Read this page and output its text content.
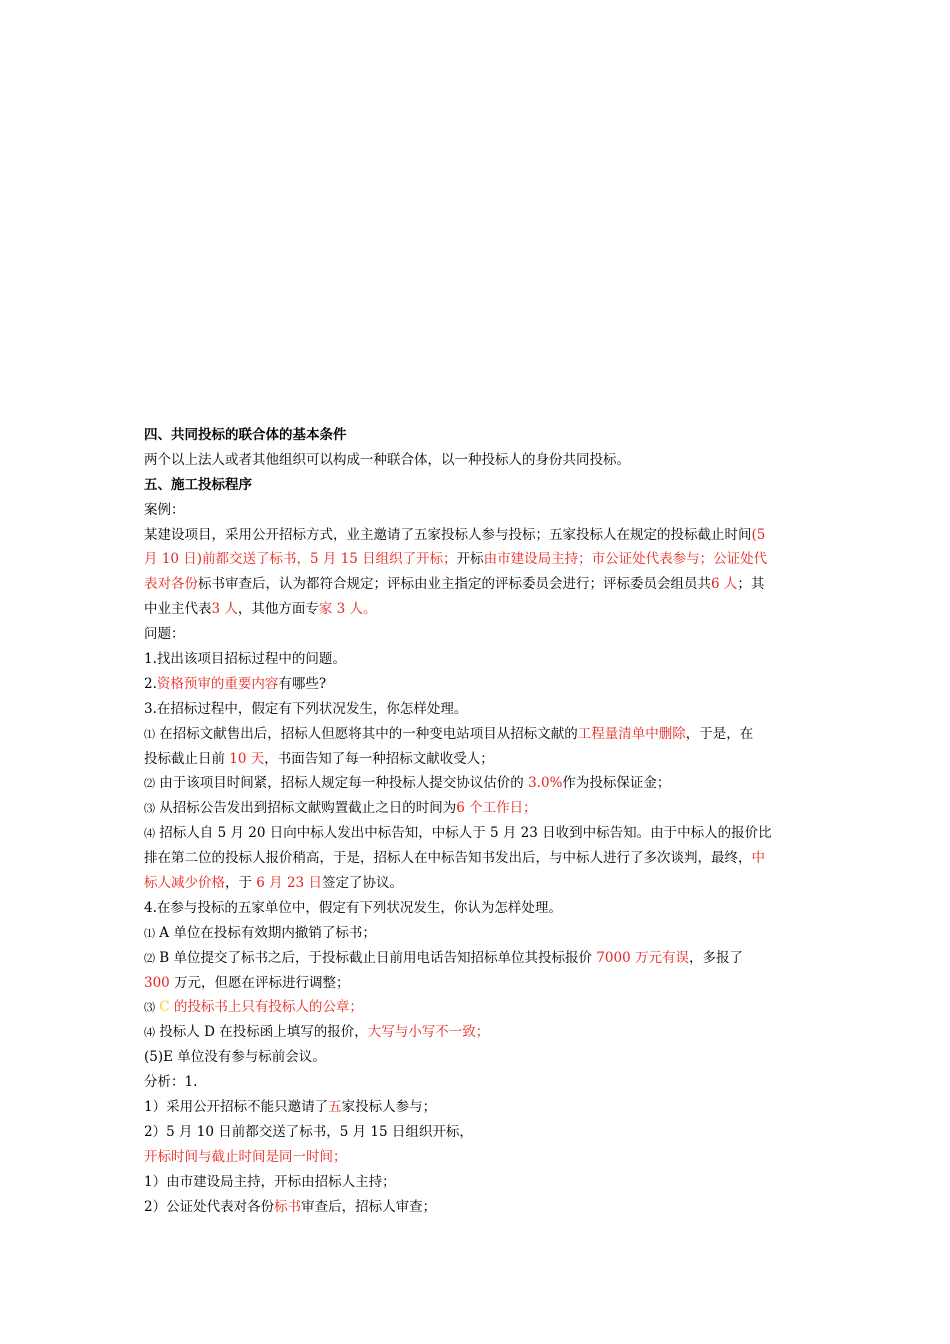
四、共同投标的联合体的基本条件
两个以上法人或者其他组织可以构成一种联合体，以一种投标人的身份共同投标。
五、施工投标程序
案例：
某建设项目，采用公开招标方式，业主邀请了五家投标人参与投标；五家投标人在规定的投标截止时间(5
月 10 日)前都交送了标书，5 月 15 日组织了开标；开标由市建设局主持；市公证处代表参与；公证处代
表对各份标书审查后，认为都符合规定；评标由业主指定的评标委员会进行；评标委员会组员共6 人；其
中业主代表3 人，其他方面专家 3 人。
问题：
1.找出该项目招标过程中的问题。
2.资格预审的重要内容有哪些?
3.在招标过程中，假定有下列状况发生，你怎样处理。
⑴ 在招标文献售出后，招标人但愿将其中的一种变电站项目从招标文献的工程量清单中删除，于是，在
投标截止日前 10 天，书面告知了每一种招标文献收受人；
⑵ 由于该项目时间紧，招标人规定每一种投标人提交协议估价的 3.0%作为投标保证金；
⑶ 从招标公告发出到招标文献购置截止之日的时间为6 个工作日；
⑷ 招标人自 5 月 20 日向中标人发出中标告知，中标人于 5 月 23 日收到中标告知。由于中标人的报价比
排在第二位的投标人报价稍高，于是，招标人在中标告知书发出后，与中标人进行了多次谈判，最终，中
标人减少价格，于 6 月 23 日签定了协议。
4.在参与投标的五家单位中，假定有下列状况发生，你认为怎样处理。
⑴ A 单位在投标有效期内撤销了标书；
⑵ B 单位提交了标书之后，于投标截止日前用电话告知招标单位其投标报价 7000 万元有误，多报了
300 万元，但愿在评标进行调整；
⑶ C 的投标书上只有投标人的公章；
⑷ 投标人 D 在投标函上填写的报价，大写与小写不一致；
(5)E 单位没有参与标前会议。
分析：1.
1）采用公开招标不能只邀请了五家投标人参与；
2）5 月 10 日前都交送了标书，5 月 15 日组织开标，
开标时间与截止时间是同一时间；
1）由市建设局主持，开标由招标人主持；
2）公证处代表对各份标书审查后，招标人审查；
